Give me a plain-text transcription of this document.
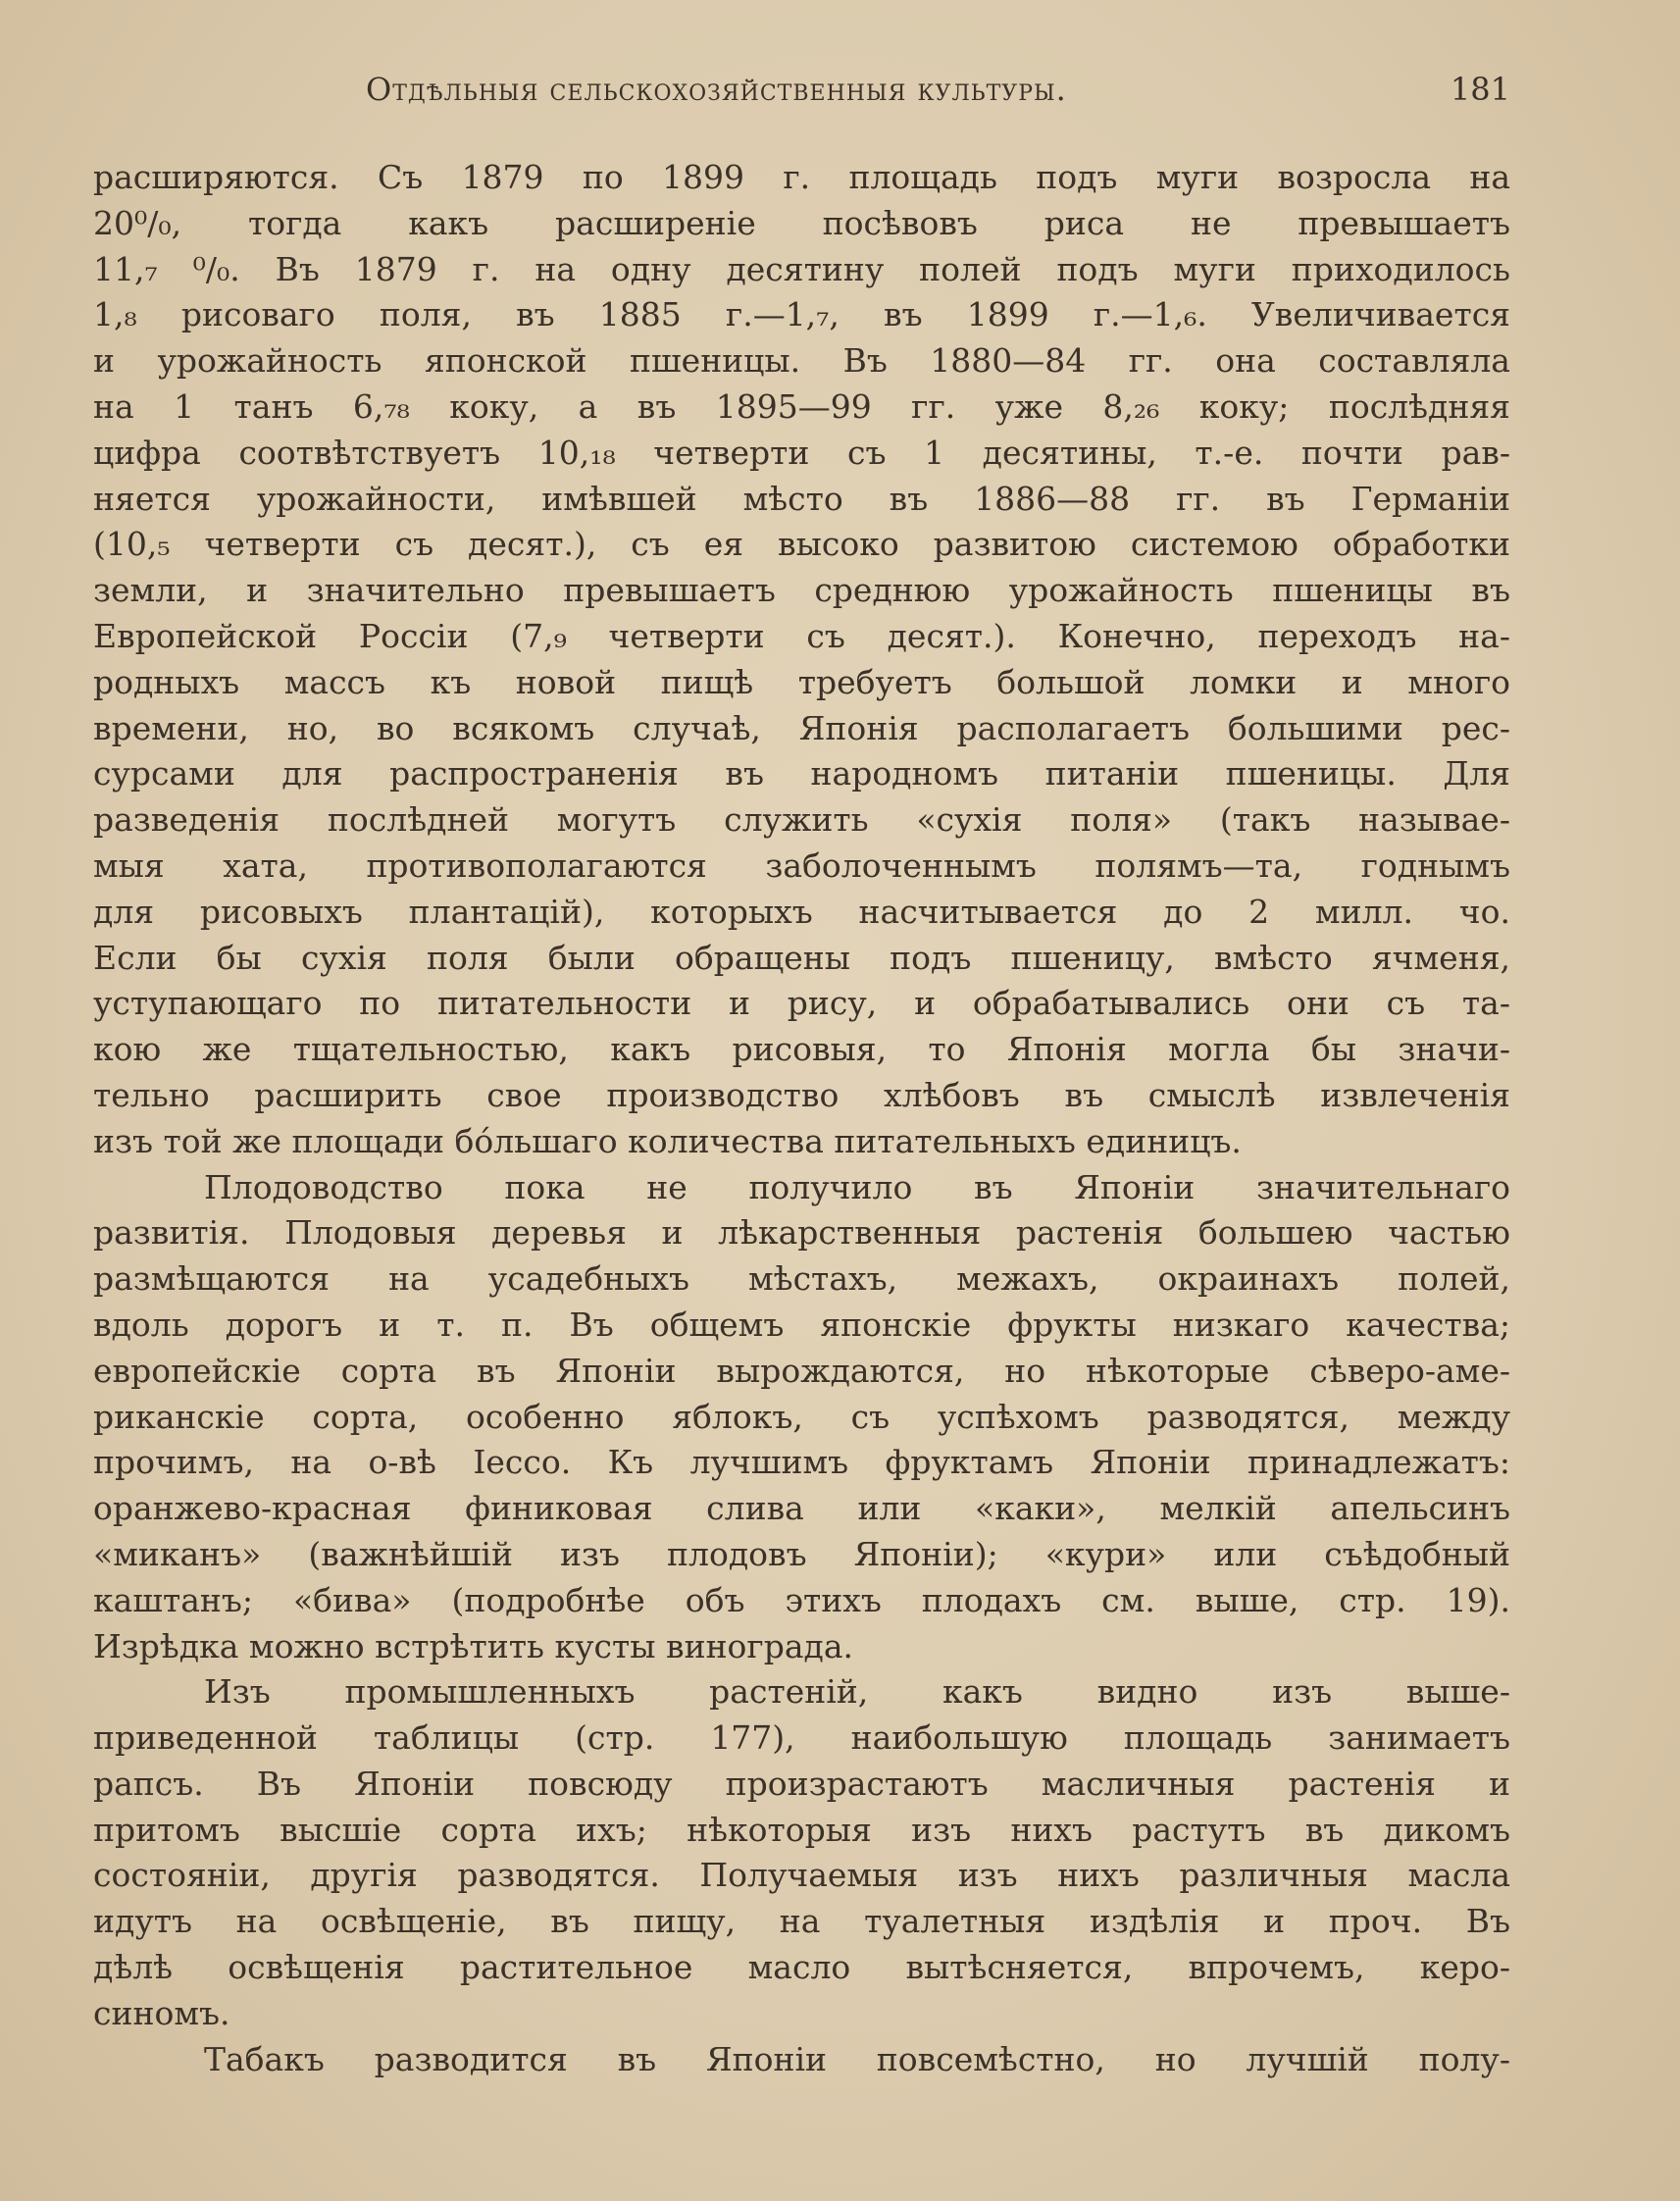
Отдѣльныя сельскохозяйственныя культуры.	181
расширяются. Съ 1879 по 1899 г. площадь подъ муги возросла на
20⁰/₀, тогда какъ расширеніе посѣвовъ риса не превышаетъ
11,₇ ⁰/₀. Въ 1879 г. на одну десятину полей подъ муги приходилось
1,₈ рисоваго поля, въ 1885 г.—1,₇, въ 1899 г.—1,₆. Увеличивается
и урожайность японской пшеницы. Въ 1880—84 гг. она составляла
на 1 танъ 6,₇₈ коку, а въ 1895—99 гг. уже 8,₂₆ коку; послѣдняя
цифра соотвѣтствуетъ 10,₁₈ четверти съ 1 десятины, т.-е. почти рав-
няется урожайности, имѣвшей мѣсто въ 1886—88 гг. въ Германіи
(10,₅ четверти съ десят.), съ ея высоко развитою системою обработки
земли, и значительно превышаетъ среднюю урожайность пшеницы въ
Европейской Россіи (7,₉ четверти съ десят.). Конечно, переходъ на-
родныхъ массъ къ новой пищѣ требуетъ большой ломки и много
времени, но, во всякомъ случаѣ, Японія располагаетъ большими рес-
сурсами для распространенія въ народномъ питаніи пшеницы. Для
разведенія послѣдней могутъ служить «сухія поля» (такъ называе-
мыя хата, противополагаются заболоченнымъ полямъ—та, годнымъ
для рисовыхъ плантацій), которыхъ насчитывается до 2 милл. чо.
Если бы сухія поля были обращены подъ пшеницу, вмѣсто ячменя,
уступающаго по питательности и рису, и обрабатывались они съ та-
кою же тщательностью, какъ рисовыя, то Японія могла бы значи-
тельно расширить свое производство хлѣбовъ въ смыслѣ извлеченія
изъ той же площади бóльшаго количества питательныхъ единицъ.
Плодоводство пока не получило въ Японіи значительнаго
развитія. Плодовыя деревья и лѣкарственныя растенія большею частью
размѣщаются на усадебныхъ мѣстахъ, межахъ, окраинахъ полей,
вдоль дорогъ и т. п. Въ общемъ японскіе фрукты низкаго качества;
европейскіе сорта въ Японіи вырождаются, но нѣкоторые сѣверо-аме-
риканскіе сорта, особенно яблокъ, съ успѣхомъ разводятся, между
прочимъ, на о-вѣ Іессо. Къ лучшимъ фруктамъ Японіи принадлежатъ:
оранжево-красная финиковая слива или «каки», мелкій апельсинъ
«миканъ» (важнѣйшій изъ плодовъ Японіи); «кури» или съѣдобный
каштанъ; «бива» (подробнѣе объ этихъ плодахъ см. выше, стр. 19).
Изрѣдка можно встрѣтить кусты винограда.
Изъ промышленныхъ растеній, какъ видно изъ выше-
приведенной таблицы (стр. 177), наибольшую площадь занимаетъ
рапсъ. Въ Японіи повсюду произрастаютъ масличныя растенія и
притомъ высшіе сорта ихъ; нѣкоторыя изъ нихъ растутъ въ дикомъ
состояніи, другія разводятся. Получаемыя изъ нихъ различныя масла
идутъ на освѣщеніе, въ пищу, на туалетныя издѣлія и проч. Въ
дѣлѣ освѣщенія растительное масло вытѣсняется, впрочемъ, керо-
синомъ.
Табакъ разводится въ Японіи повсемѣстно, но лучшій полу-
